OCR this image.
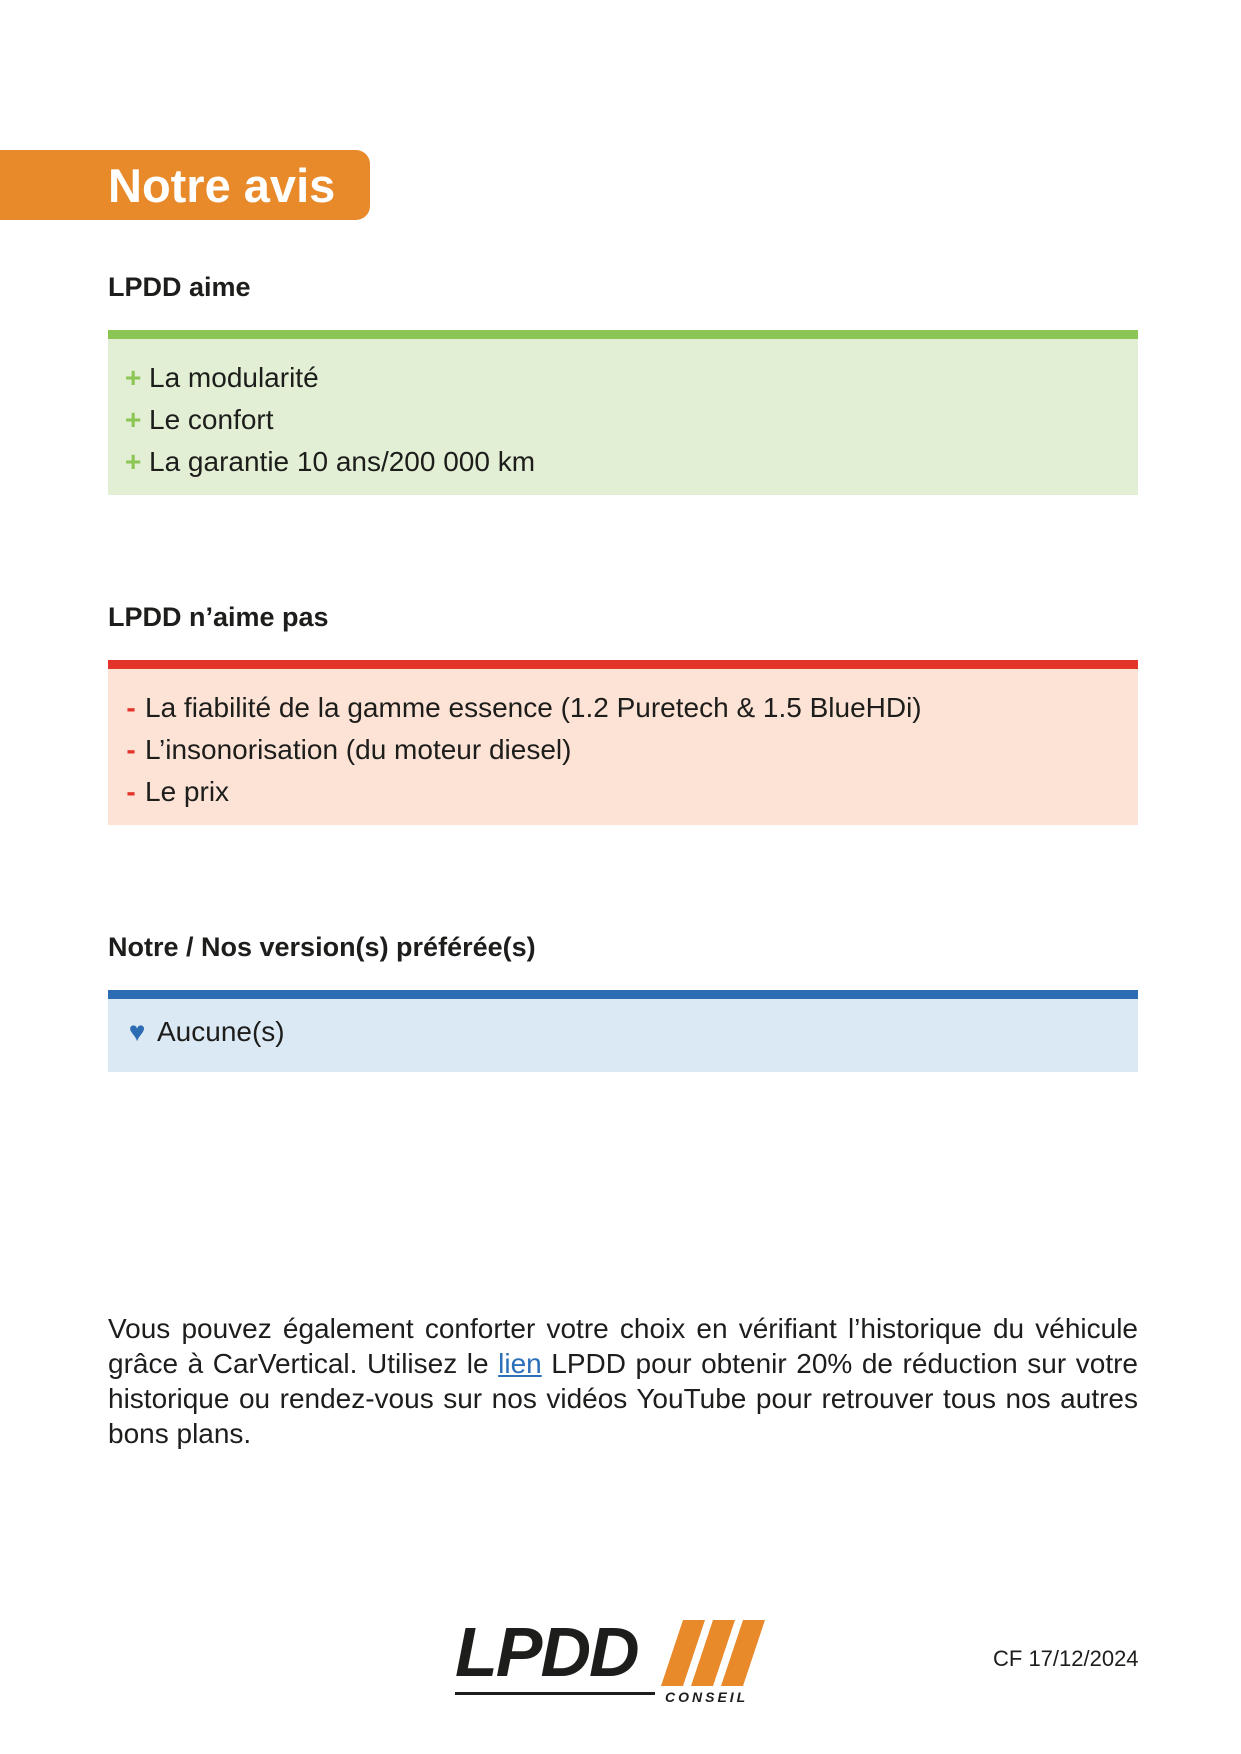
Notre avis
LPDD aime
+ La modularité
+ Le confort
+ La garantie 10 ans/200 000 km
LPDD n’aime pas
- La fiabilité de la gamme essence (1.2 Puretech & 1.5 BlueHDi)
- L’insonorisation (du moteur diesel)
- Le prix
Notre / Nos version(s) préférée(s)
♥ Aucune(s)

Vous pouvez également conforter votre choix en vérifiant l’historique du véhicule grâce à CarVertical. Utilisez le lien LPDD pour obtenir 20% de réduction sur votre historique ou rendez-vous sur nos vidéos YouTube pour retrouver tous nos autres bons plans.

LPDD
CONSEIL
CF 17/12/2024
